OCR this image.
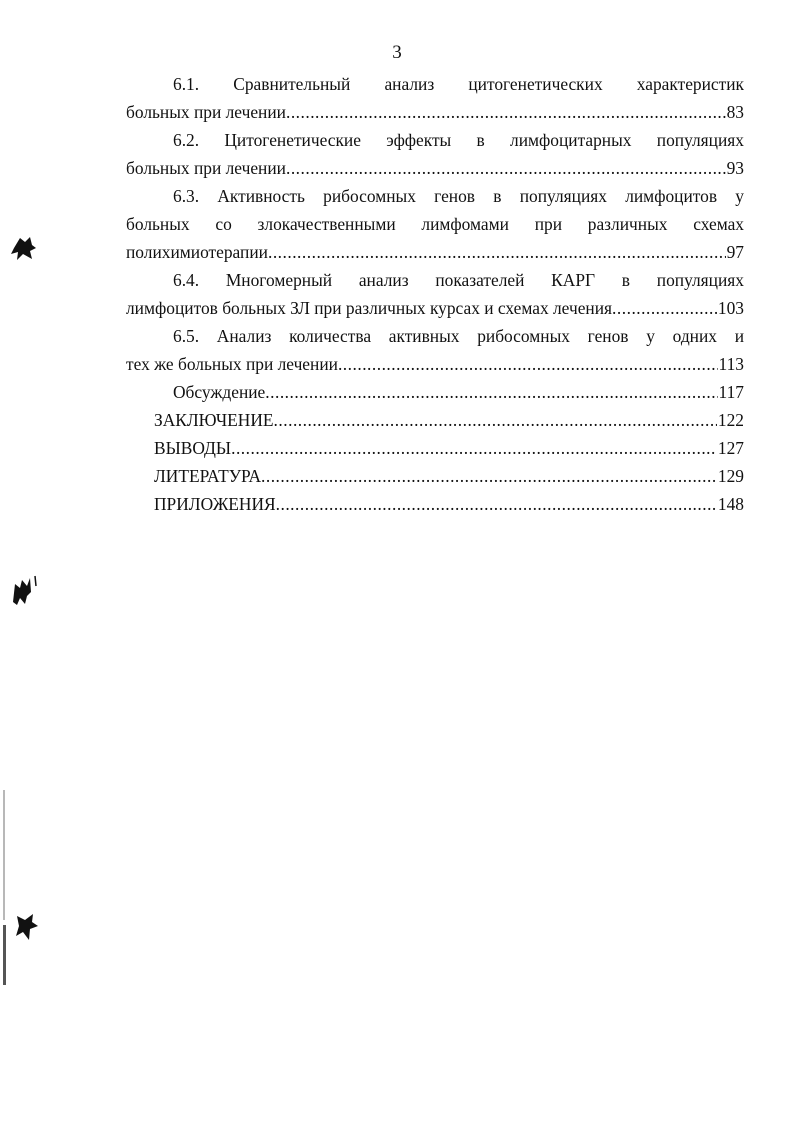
3
6.1. Сравнительный анализ цитогенетических характеристик
больных при лечении .....	83
6.2. Цитогенетические эффекты в лимфоцитарных популяциях
больных при лечении .....	93
6.3. Активность рибосомных генов в популяциях лимфоцитов у
больных со злокачественными лимфомами при различных схемах
полихимиотерапии .....	97
6.4. Многомерный анализ показателей КАРГ в популяциях
лимфоцитов больных ЗЛ при различных курсах и схемах лечения .....	103
6.5. Анализ количества активных рибосомных генов у одних и
тех же больных при лечении .....	113
Обсуждение .....	117
ЗАКЛЮЧЕНИЕ .....	122
ВЫВОДЫ .....	127
ЛИТЕРАТУРА .....	129
ПРИЛОЖЕНИЯ .....	148
